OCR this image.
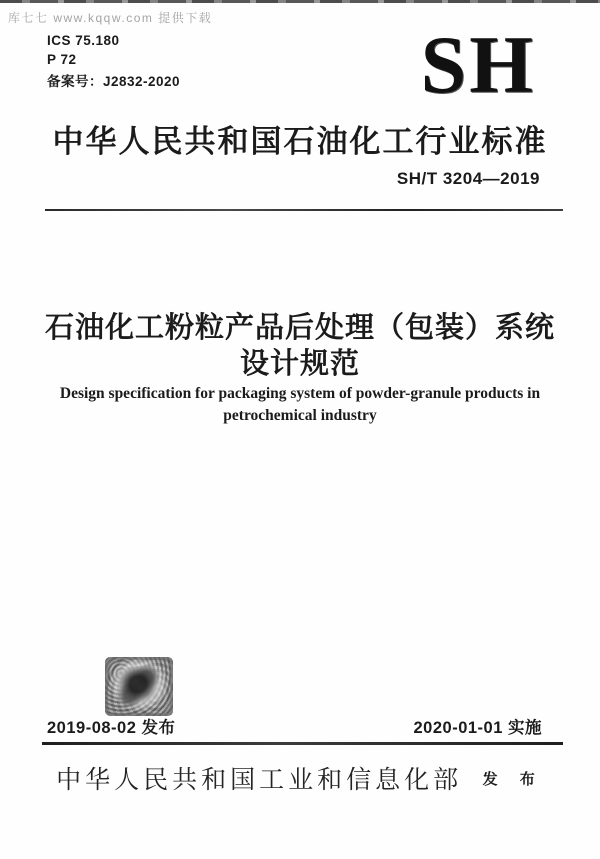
库七七 www.kqqw.com 提供下载
ICS 75.180
P 72
备案号：J2832-2020	SH
中华人民共和国石油化工行业标准
SH/T 3204—2019
石油化工粉粒产品后处理（包装）系统
设计规范
Design specification for packaging system of powder-granule products in
petrochemical industry
2019-08-02 发布	2020-01-01 实施
中华人民共和国工业和信息化部 发 布
